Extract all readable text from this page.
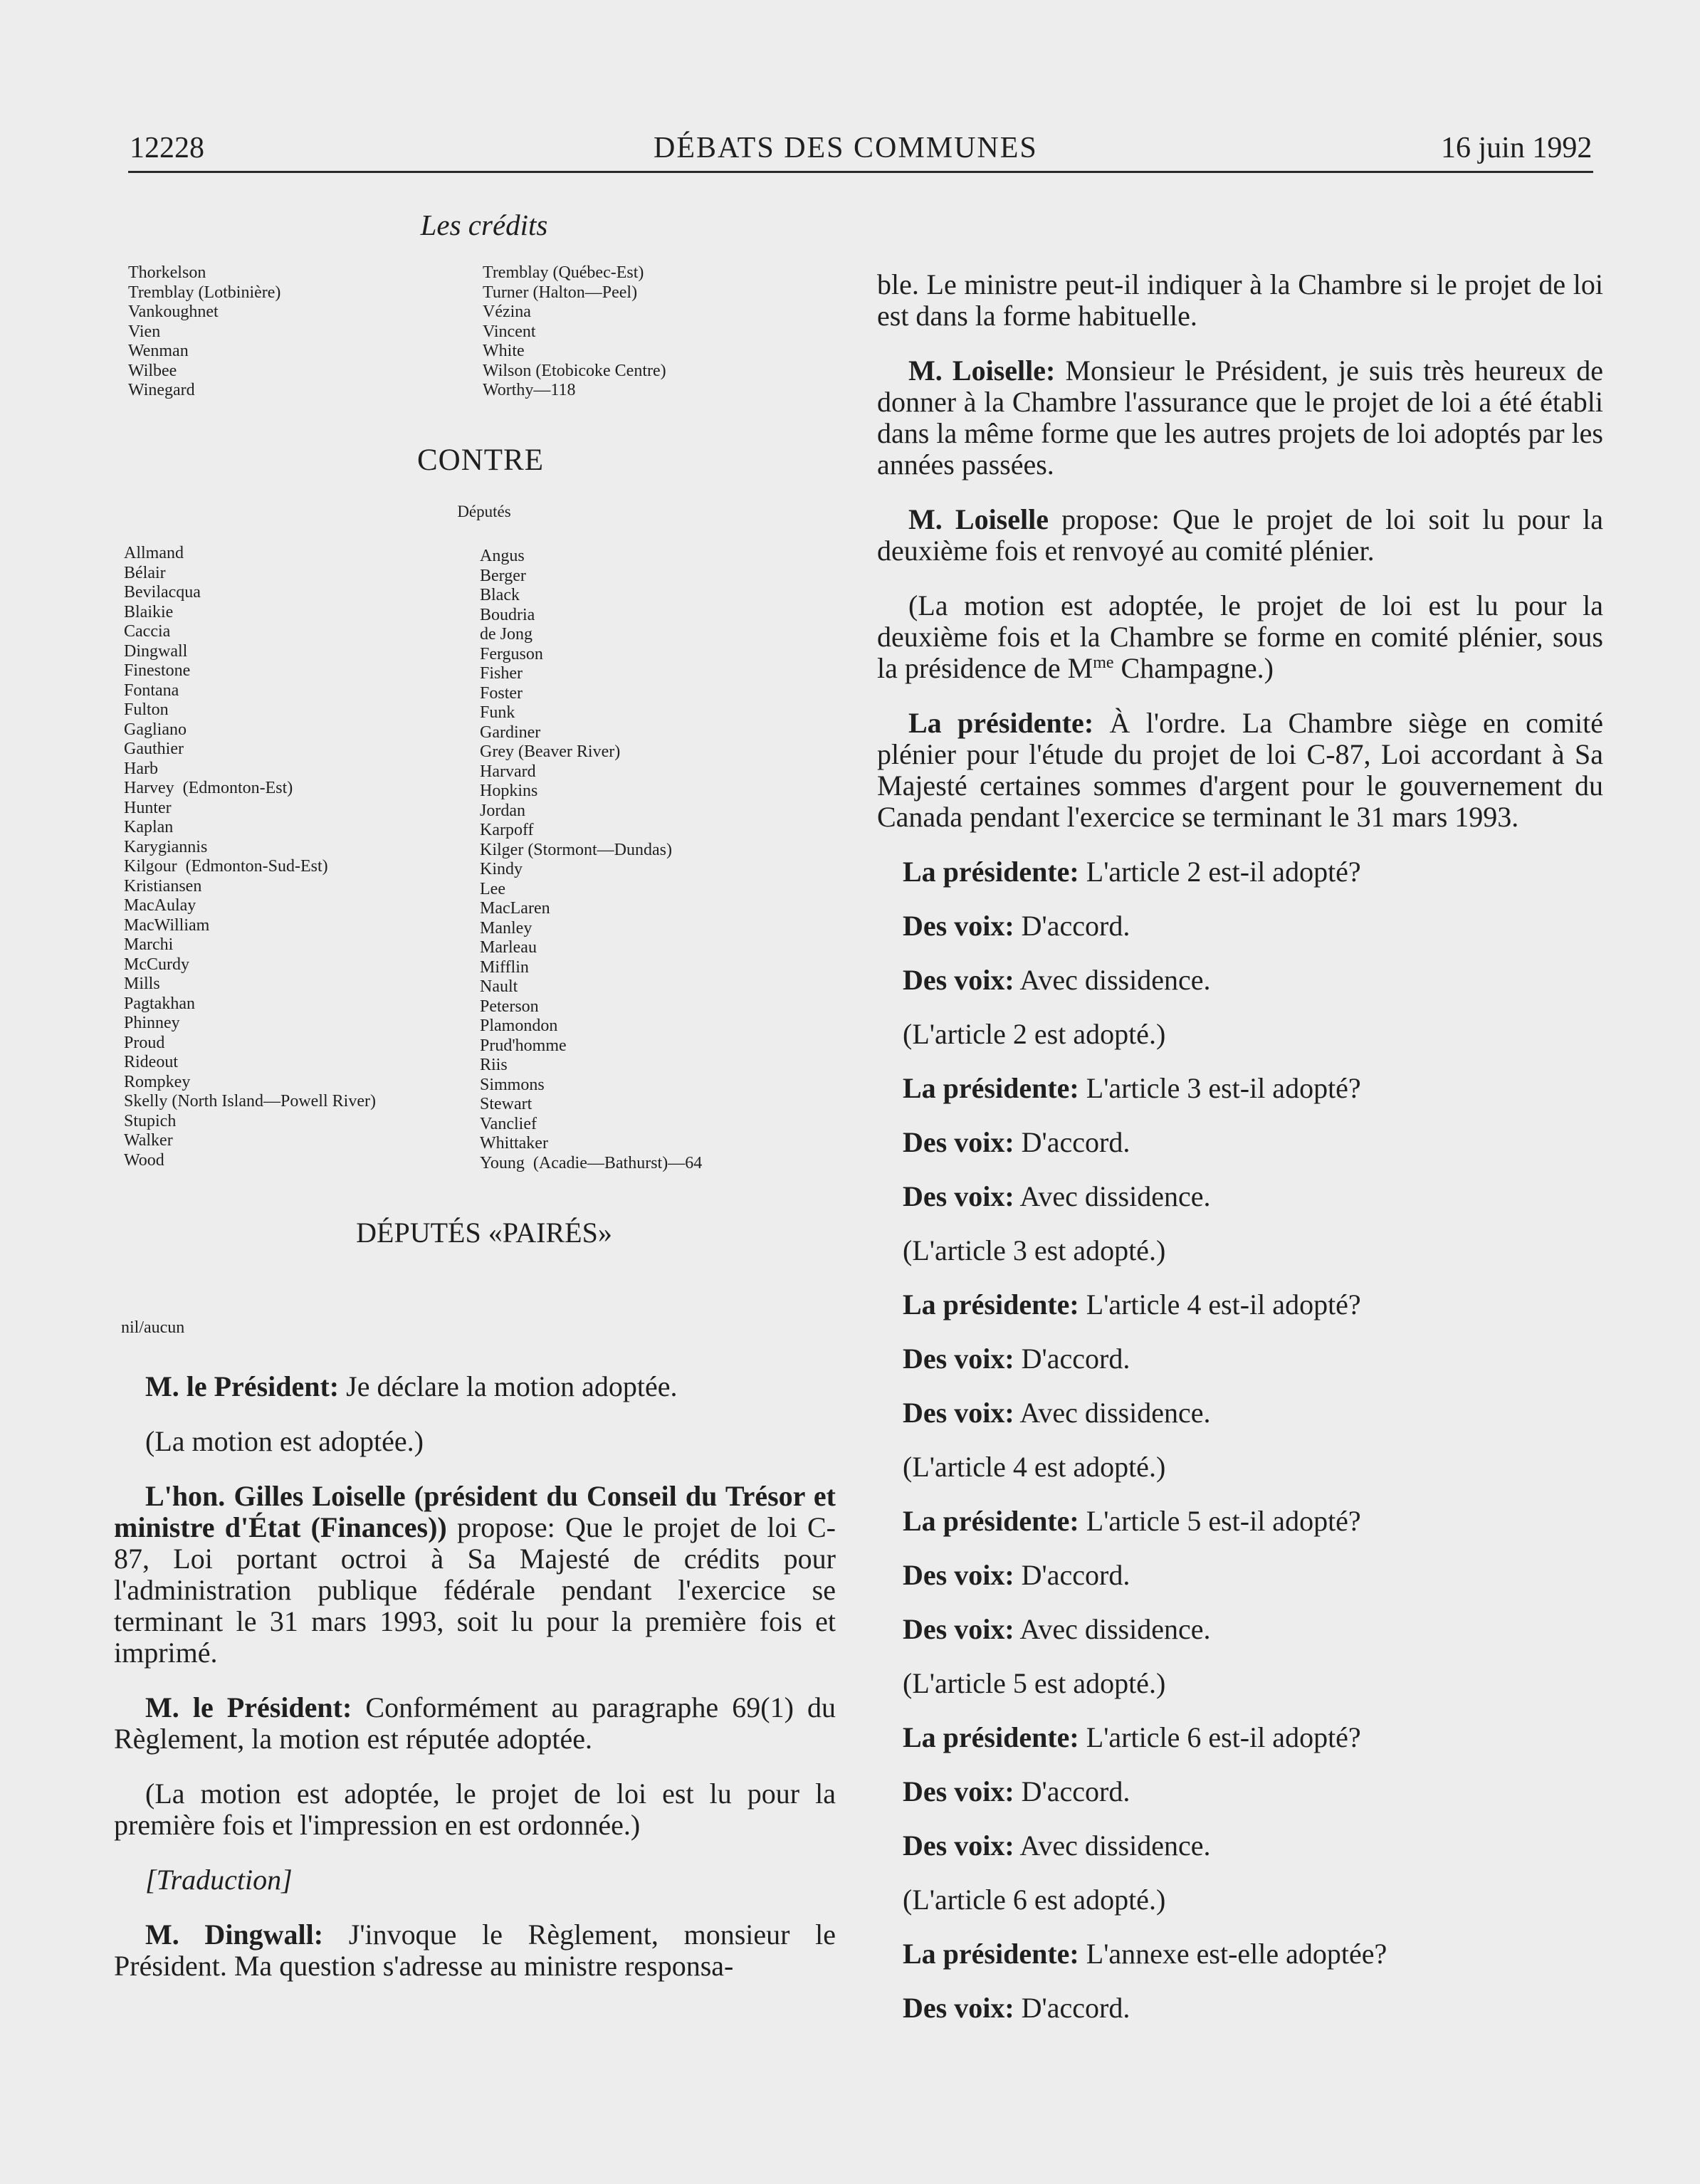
12228	DÉBATS DES COMMUNES	16 juin 1992
Les crédits
Thorkelson
Tremblay (Lotbinière)
Vankoughnet
Vien
Wenman
Wilbee
Winegard
Tremblay (Québec-Est)
Turner (Halton—Peel)
Vézina
Vincent
White
Wilson (Etobicoke Centre)
Worthy—118
CONTRE
Députés
Allmand
Bélair
Bevilacqua
Blaikie
Caccia
Dingwall
Finestone
Fontana
Fulton
Gagliano
Gauthier
Harb
Harvey  (Edmonton-Est)
Hunter
Kaplan
Karygiannis
Kilgour  (Edmonton-Sud-Est)
Kristiansen
MacAulay
MacWilliam
Marchi
McCurdy
Mills
Pagtakhan
Phinney
Proud
Rideout
Rompkey
Skelly (North Island—Powell River)
Stupich
Walker
Wood
Angus
Berger
Black
Boudria
de Jong
Ferguson
Fisher
Foster
Funk
Gardiner
Grey (Beaver River)
Harvard
Hopkins
Jordan
Karpoff
Kilger (Stormont—Dundas)
Kindy
Lee
MacLaren
Manley
Marleau
Mifflin
Nault
Peterson
Plamondon
Prud'homme
Riis
Simmons
Stewart
Vanclief
Whittaker
Young  (Acadie—Bathurst)—64
DÉPUTÉS «PAIRÉS»
nil/aucun

M. le Président: Je déclare la motion adoptée.

(La motion est adoptée.)

L'hon. Gilles Loiselle (président du Conseil du Trésor et ministre d'État (Finances)) propose: Que le projet de loi C-87, Loi portant octroi à Sa Majesté de crédits pour l'administration publique fédérale pendant l'exercice se terminant le 31 mars 1993, soit lu pour la première fois et imprimé.

M. le Président: Conformément au paragraphe 69(1) du Règlement, la motion est réputée adoptée.

(La motion est adoptée, le projet de loi est lu pour la première fois et l'impression en est ordonnée.)

[Traduction]

M. Dingwall: J'invoque le Règlement, monsieur le Président. Ma question s'adresse au ministre responsa-

ble. Le ministre peut-il indiquer à la Chambre si le projet de loi est dans la forme habituelle.

M. Loiselle: Monsieur le Président, je suis très heureux de donner à la Chambre l'assurance que le projet de loi a été établi dans la même forme que les autres projets de loi adoptés par les années passées.

M. Loiselle propose: Que le projet de loi soit lu pour la deuxième fois et renvoyé au comité plénier.

(La motion est adoptée, le projet de loi est lu pour la deuxième fois et la Chambre se forme en comité plénier, sous la présidence de $M^{me}$ Champagne.)

La présidente: À l'ordre. La Chambre siège en comité plénier pour l'étude du projet de loi C-87, Loi accordant à Sa Majesté certaines sommes d'argent pour le gouvernement du Canada pendant l'exercice se terminant le 31 mars 1993.

La présidente: L'article 2 est-il adopté?

Des voix: D'accord.

Des voix: Avec dissidence.

(L'article 2 est adopté.)

La présidente: L'article 3 est-il adopté?

Des voix: D'accord.

Des voix: Avec dissidence.

(L'article 3 est adopté.)

La présidente: L'article 4 est-il adopté?

Des voix: D'accord.

Des voix: Avec dissidence.

(L'article 4 est adopté.)

La présidente: L'article 5 est-il adopté?

Des voix: D'accord.

Des voix: Avec dissidence.

(L'article 5 est adopté.)

La présidente: L'article 6 est-il adopté?

Des voix: D'accord.

Des voix: Avec dissidence.

(L'article 6 est adopté.)

La présidente: L'annexe est-elle adoptée?

Des voix: D'accord.
